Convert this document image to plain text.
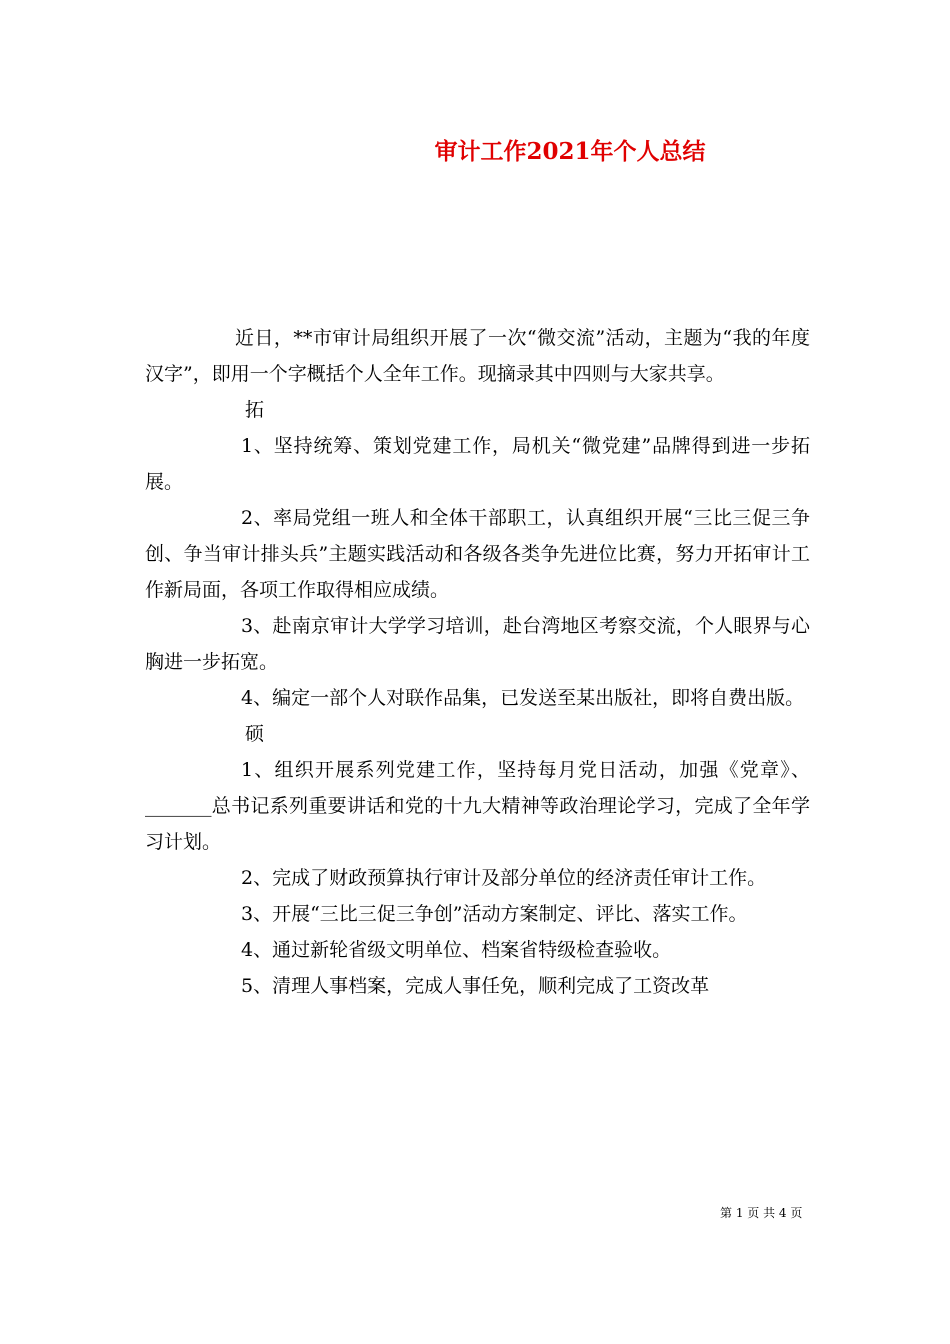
审计工作2021年个人总结

近日，**市审计局组织开展了一次“微交流”活动，主题为“我的年度汉字”，即用一个字概括个人全年工作。现摘录其中四则与大家共享。

拓

1、坚持统筹、策划党建工作，局机关“微党建”品牌得到进一步拓展。

2、率局党组一班人和全体干部职工，认真组织开展“三比三促三争创、争当审计排头兵”主题实践活动和各级各类争先进位比赛，努力开拓审计工作新局面，各项工作取得相应成绩。

3、赴南京审计大学学习培训，赴台湾地区考察交流，个人眼界与心胸进一步拓宽。

4、编定一部个人对联作品集，已发送至某出版社，即将自费出版。

硕

1、组织开展系列党建工作，坚持每月党日活动，加强《党章》、_______总书记系列重要讲话和党的十九大精神等政治理论学习，完成了全年学习计划。

2、完成了财政预算执行审计及部分单位的经济责任审计工作。

3、开展“三比三促三争创”活动方案制定、评比、落实工作。

4、通过新轮省级文明单位、档案省特级检查验收。

5、清理人事档案，完成人事任免，顺利完成了工资改革

第 1 页 共 4 页
